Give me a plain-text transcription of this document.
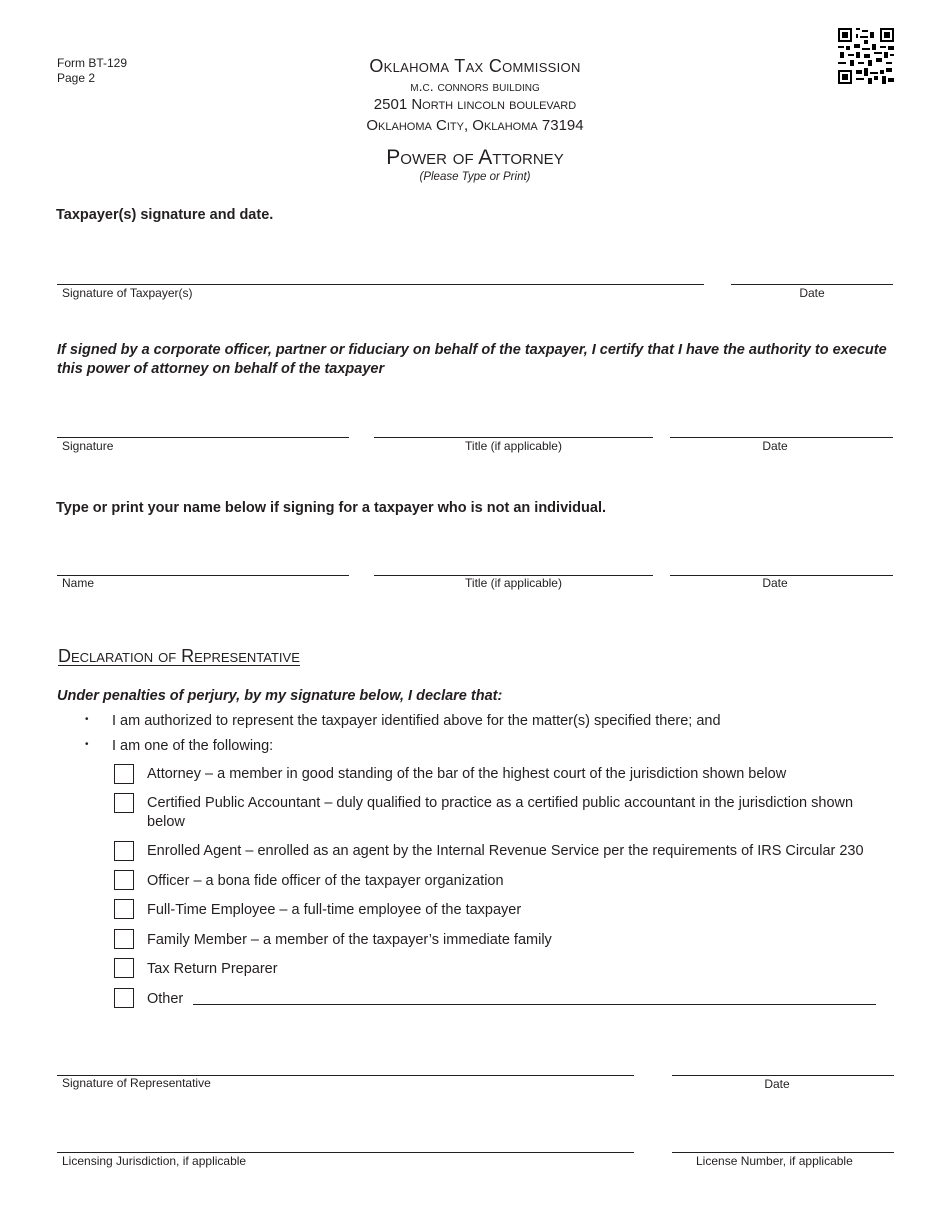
Form BT-129
Page 2
Oklahoma Tax Commission
m.c. connors building
2501 North lincoln boulevard
Oklahoma City, Oklahoma 73194
Power of Attorney
(Please Type or Print)
Taxpayer(s) signature and date.
Signature of Taxpayer(s)	Date
If signed by a corporate officer, partner or fiduciary on behalf of the taxpayer, I certify that I have the authority to execute this power of attorney on behalf of the taxpayer
Signature	Title (if applicable)	Date
Type or print your name below if signing for a taxpayer who is not an individual.
Name	Title (if applicable)	Date
Declaration of Representative
Under penalties of perjury, by my signature below, I declare that:
• I am authorized to represent the taxpayer identified above for the matter(s) specified there; and
• I am one of the following:
Attorney – a member in good standing of the bar of the highest court of the jurisdiction shown below
Certified Public Accountant – duly qualified to practice as a certified public accountant in the jurisdiction shown below
Enrolled Agent – enrolled as an agent by the Internal Revenue Service per the requirements of IRS Circular 230
Officer – a bona fide officer of the taxpayer organization
Full-Time Employee – a full-time employee of the taxpayer
Family Member – a member of the taxpayer’s immediate family
Tax Return Preparer
Other
Signature of Representative	Date
Licensing Jurisdiction, if applicable	License Number, if applicable
